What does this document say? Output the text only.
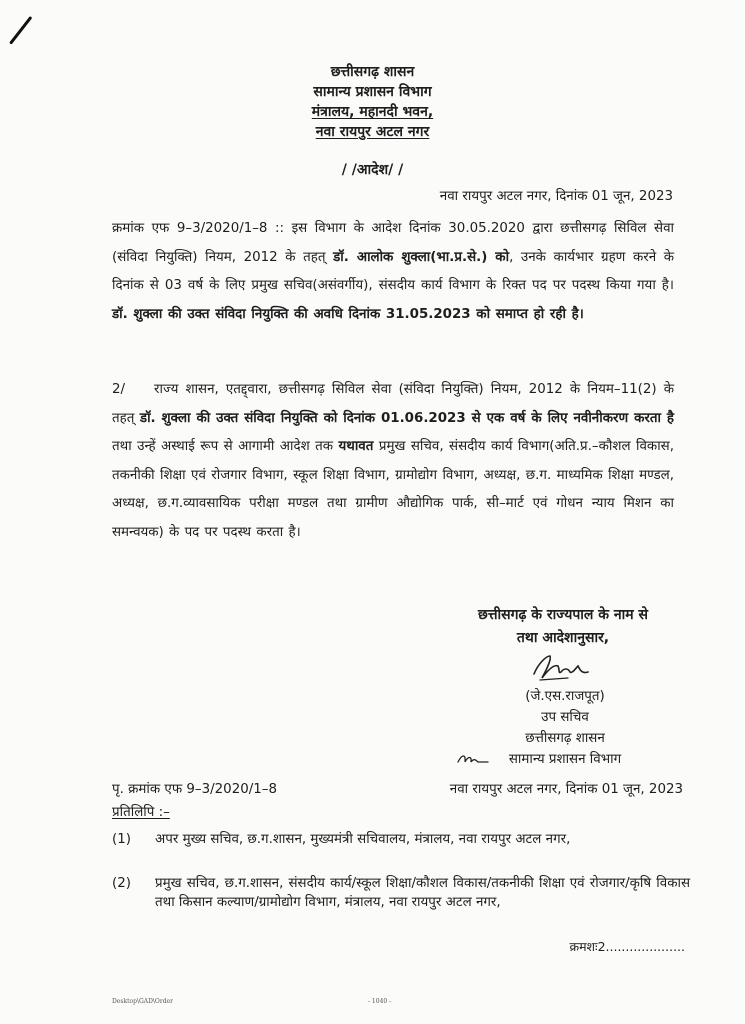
छत्तीसगढ़ शासन
सामान्य प्रशासन विभाग
मंत्रालय, महानदी भवन,
नवा रायपुर अटल नगर
/ /आदेश/ /
नवा रायपुर अटल नगर, दिनांक 01 जून, 2023

क्रमांक एफ 9–3/2020/1–8 :: इस विभाग के आदेश दिनांक 30.05.2020 द्वारा छत्तीसगढ़ सिविल सेवा (संविदा नियुक्ति) नियम, 2012 के तहत् डॉ. आलोक शुक्ला(भा.प्र.से.) को, उनके कार्यभार ग्रहण करने के दिनांक से 03 वर्ष के लिए प्रमुख सचिव(असंवर्गीय), संसदीय कार्य विभाग के रिक्त पद पर पदस्थ किया गया है। डॉ. शुक्ला की उक्त संविदा नियुक्ति की अवधि दिनांक 31.05.2023 को समाप्त हो रही है।

2/ राज्य शासन, एतद्द्वारा, छत्तीसगढ़ सिविल सेवा (संविदा नियुक्ति) नियम, 2012 के नियम–11(2) के तहत् डॉ. शुक्ला की उक्त संविदा नियुक्ति को दिनांक 01.06.2023 से एक वर्ष के लिए नवीनीकरण करता है तथा उन्हें अस्थाई रूप से आगामी आदेश तक यथावत प्रमुख सचिव, संसदीय कार्य विभाग(अति.प्र.–कौशल विकास, तकनीकी शिक्षा एवं रोजगार विभाग, स्कूल शिक्षा विभाग, ग्रामोद्योग विभाग, अध्यक्ष, छ.ग. माध्यमिक शिक्षा मण्डल, अध्यक्ष, छ.ग.व्यावसायिक परीक्षा मण्डल तथा ग्रामीण औद्योगिक पार्क, सी–मार्ट एवं गोधन न्याय मिशन का समन्वयक) के पद पर पदस्थ करता है।

छत्तीसगढ़ के राज्यपाल के नाम से
तथा आदेशानुसार,
(जे.एस.राजपूत)
उप सचिव
छत्तीसगढ़ शासन
सामान्य प्रशासन विभाग
पृ. क्रमांक एफ 9–3/2020/1–8	नवा रायपुर अटल नगर, दिनांक 01 जून, 2023
प्रतिलिपि :–
(1) अपर मुख्य सचिव, छ.ग.शासन, मुख्यमंत्री सचिवालय, मंत्रालय, नवा रायपुर अटल नगर,
(2) प्रमुख सचिव, छ.ग.शासन, संसदीय कार्य/स्कूल शिक्षा/कौशल विकास/तकनीकी शिक्षा एवं रोजगार/कृषि विकास तथा किसान कल्याण/ग्रामोद्योग विभाग, मंत्रालय, नवा रायपुर अटल नगर,
क्रमशः2....................
Desktop\GAD\Order	- 1040 -
